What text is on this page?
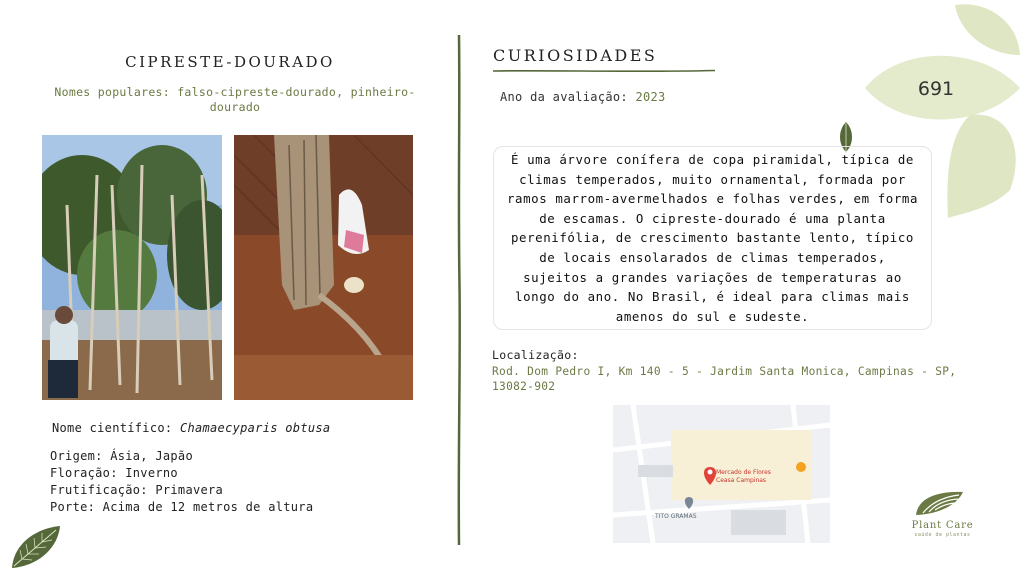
CIPRESTE-DOURADO
Nomes populares: falso-cipreste-dourado, pinheiro-dourado
Nome científico: Chamaecyparis obtusa
Origem: Ásia, Japão
Floração: Inverno
Frutificação: Primavera
Porte: Acima de 12 metros de altura
CURIOSIDADES
Ano da avaliação: 2023
É uma árvore conífera de copa piramidal, típica de climas temperados, muito ornamental, formada por ramos marrom-avermelhados e folhas verdes, em forma de escamas. O cipreste-dourado é uma planta perenifólia, de crescimento bastante lento, típico de locais ensolarados de climas temperados, sujeitos a grandes variações de temperaturas ao longo do ano. No Brasil, é ideal para climas mais amenos do sul e sudeste.
Localização:
Rod. Dom Pedro I, Km 140 - 5 - Jardim Santa Monica, Campinas - SP, 13082-902
Mercado de Flores
Ceasa Campinas
TITO GRAMAS
691
Plant Care
saúde de plantas
